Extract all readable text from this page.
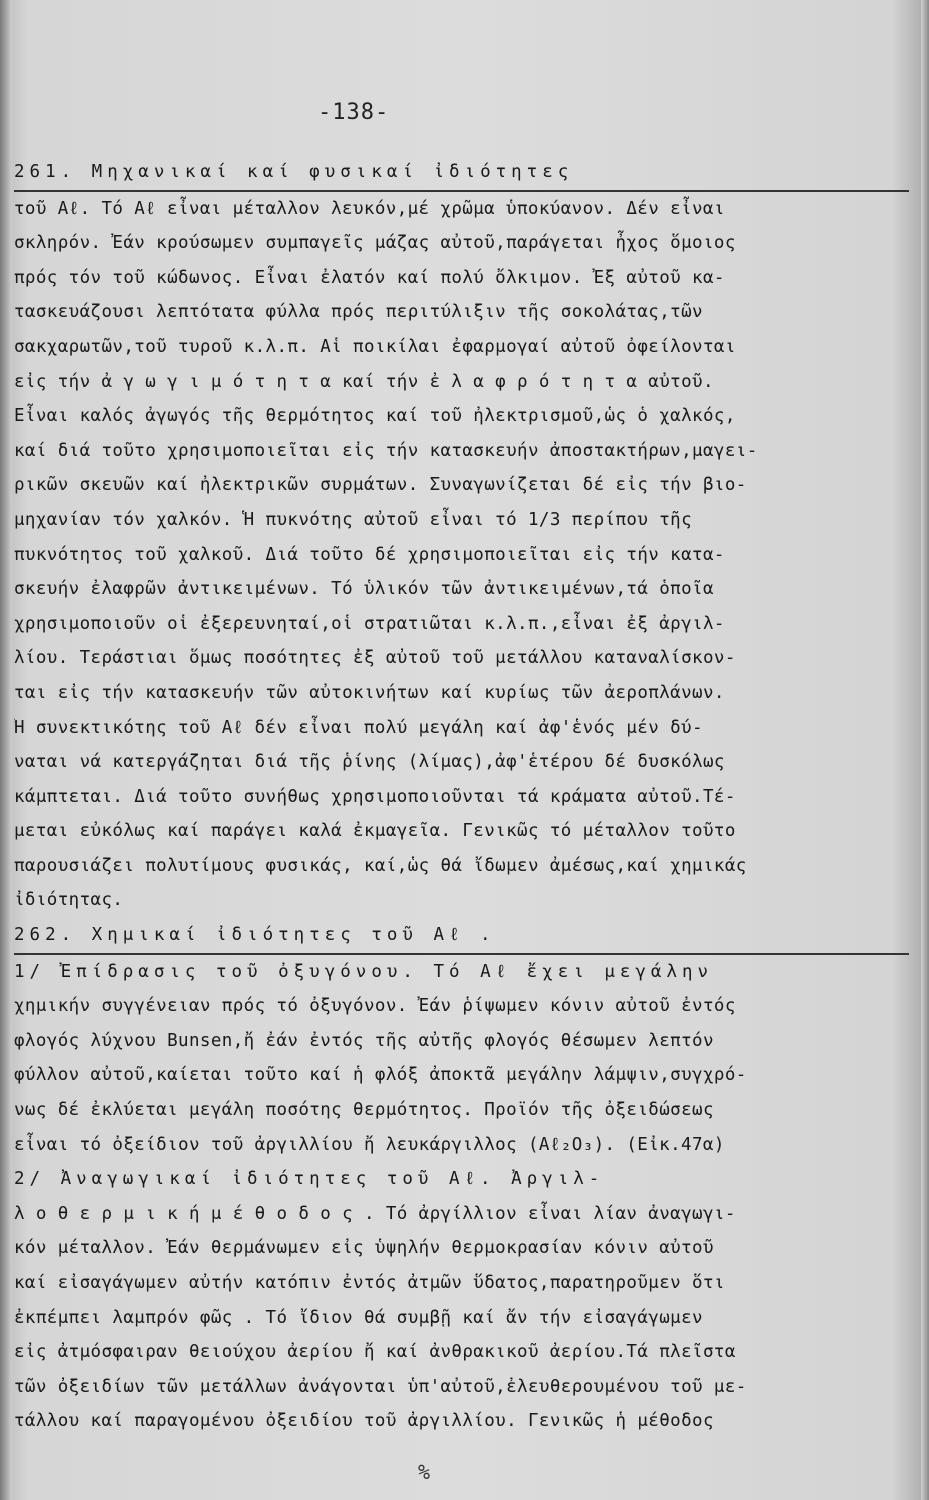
-138-
261. Μηχανικαί καί φυσικαί ἰδιότητες
τοῦ Aℓ. Τό Aℓ εἶναι μέταλλον λευκόν,μέ χρῶμα ὑποκύανον. Δέν εἶναι
σκληρόν. Ἐάν κρούσωμεν συμπαγεῖς μάζας αὐτοῦ,παράγεται ἦχος ὅμοιος
πρός τόν τοῦ κώδωνος. Εἶναι ἐλατόν καί πολύ ὄλκιμον. Ἐξ αὐτοῦ κα-
τασκευάζουσι λεπτότατα φύλλα πρός περιτύλιξιν τῆς σοκολάτας,τῶν
σακχαρωτῶν,τοῦ τυροῦ κ.λ.π. Αἱ ποικίλαι ἐφαρμογαί αὐτοῦ ὀφείλονται
εἰς τήν ἀ γ ω γ ι μ ό τ η τ α καί τήν ἐ λ α φ ρ ό τ η τ α αὐτοῦ.
Εἶναι καλός ἀγωγός τῆς θερμότητος καί τοῦ ἠλεκτρισμοῦ,ὡς ὁ χαλκός,
καί διά τοῦτο χρησιμοποιεῖται εἰς τήν κατασκευήν ἀποστακτήρων,μαγει-
ρικῶν σκευῶν καί ἠλεκτρικῶν συρμάτων. Συναγωνίζεται δέ εἰς τήν βιο-
μηχανίαν τόν χαλκόν. Ἡ πυκνότης αὐτοῦ εἶναι τό 1/3 περίπου τῆς
πυκνότητος τοῦ χαλκοῦ. Διά τοῦτο δέ χρησιμοποιεῖται εἰς τήν κατα-
σκευήν ἐλαφρῶν ἀντικειμένων. Τό ὑλικόν τῶν ἀντικειμένων,τά ὁποῖα
χρησιμοποιοῦν οἱ ἐξερευνηταί,οἱ στρατιῶται κ.λ.π.,εἶναι ἐξ ἀργιλ-
λίου. Τεράστιαι ὅμως ποσότητες ἐξ αὐτοῦ τοῦ μετάλλου καταναλίσκον-
ται εἰς τήν κατασκευήν τῶν αὐτοκινήτων καί κυρίως τῶν ἀεροπλάνων.
Ἡ συνεκτικότης τοῦ Aℓ δέν εἶναι πολύ μεγάλη καί ἀφ'ἑνός μέν δύ-
ναται νά κατεργάζηται διά τῆς ῥίνης (λίμας),ἀφ'ἑτέρου δέ δυσκόλως
κάμπτεται. Διά τοῦτο συνήθως χρησιμοποιοῦνται τά κράματα αὐτοῦ.Τέ-
μεται εὐκόλως καί παράγει καλά ἐκμαγεῖα. Γενικῶς τό μέταλλον τοῦτο
παρουσιάζει πολυτίμους φυσικάς, καί,ὡς θά ἴδωμεν ἀμέσως,καί χημικάς
ἰδιότητας.
262. Χημικαί ἰδιότητες τοῦ Aℓ .
1/ Ἐπίδρασις τοῦ ὀξυγόνου. Τό Aℓ ἔχει μεγάλην
χημικήν συγγένειαν πρός τό ὀξυγόνον. Ἐάν ῥίψωμεν κόνιν αὐτοῦ ἐντός
φλογός λύχνου Bunsen,ἤ ἐάν ἐντός τῆς αὐτῆς φλογός θέσωμεν λεπτόν
φύλλον αὐτοῦ,καίεται τοῦτο καί ἡ φλόξ ἀποκτᾶ μεγάλην λάμψιν,συγχρό-
νως δέ ἐκλύεται μεγάλη ποσότης θερμότητος. Προϊόν τῆς ὀξειδώσεως
εἶναι τό ὀξείδιον τοῦ ἀργιλλίου ἤ λευκάργιλλος (Aℓ₂O₃). (Εἰκ.47α)
2/ Ἀναγωγικαί ἰδιότητες τοῦ Aℓ. Ἀργιλ-
λ ο θ ε ρ μ ι κ ή μ έ θ ο δ ο ς . Τό ἀργίλλιον εἶναι λίαν ἀναγωγι-
κόν μέταλλον. Ἐάν θερμάνωμεν εἰς ὑψηλήν θερμοκρασίαν κόνιν αὐτοῦ
καί εἰσαγάγωμεν αὐτήν κατόπιν ἐντός ἀτμῶν ὕδατος,παρατηροῦμεν ὅτι
ἐκπέμπει λαμπρόν φῶς . Τό ἴδιον θά συμβῇ καί ἄν τήν εἰσαγάγωμεν
εἰς ἀτμόσφαιραν θειούχου ἀερίου ἤ καί ἀνθρακικοῦ ἀερίου.Τά πλεῖστα
τῶν ὀξειδίων τῶν μετάλλων ἀνάγονται ὑπ'αὐτοῦ,ἐλευθερουμένου τοῦ με-
τάλλου καί παραγομένου ὀξειδίου τοῦ ἀργιλλίου. Γενικῶς ἡ μέθοδος
%
